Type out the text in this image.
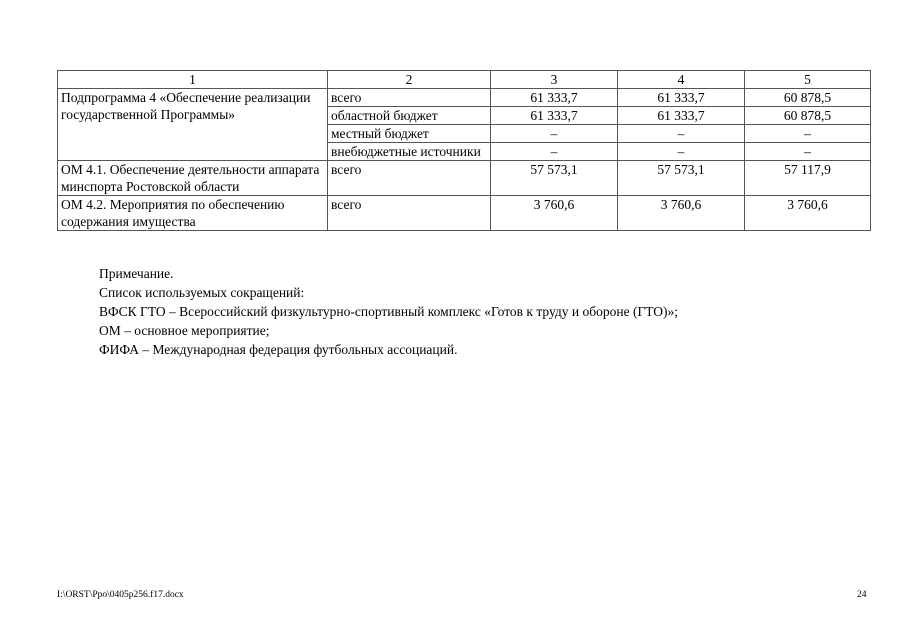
1	2	3	4	5
Подпрограмма 4 «Обеспечение реализации государственной Программы»	всего	61 333,7	61 333,7	60 878,5
	областной бюджет	61 333,7	61 333,7	60 878,5
	местный бюджет	–	–	–
	внебюджетные источники	–	–	–
ОМ 4.1. Обеспечение деятельности аппарата минспорта Ростовской области	всего	57 573,1	57 573,1	57 117,9
ОМ 4.2. Мероприятия по обеспечению содержания имущества	всего	3 760,6	3 760,6	3 760,6
Примечание.
Список используемых сокращений:
ВФСК ГТО – Всероссийский физкультурно-спортивный комплекс «Готов к труду и обороне (ГТО)»;
ОМ – основное мероприятие;
ФИФА – Международная федерация футбольных ассоциаций.
I:\ORST\Ppo\0405p256.f17.docx	24
